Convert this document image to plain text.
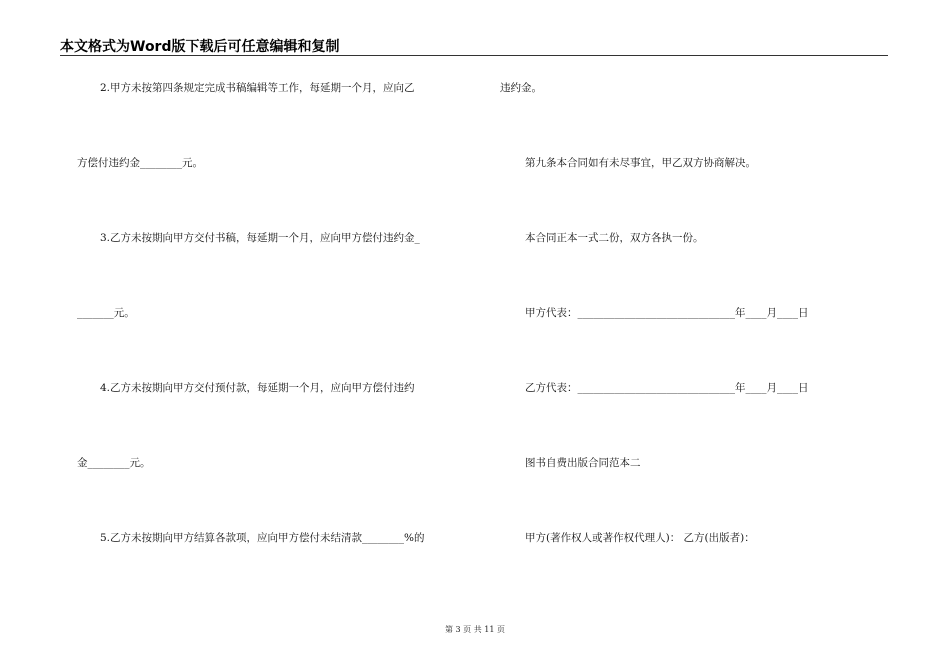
本文格式为Word版下载后可任意编辑和复制
2.甲方未按第四条规定完成书稿编辑等工作，每延期一个月，应向乙
方偿付违约金________元。
3.乙方未按期向甲方交付书稿，每延期一个月，应向甲方偿付违约金_
_______元。
4.乙方未按期向甲方交付预付款，每延期一个月，应向甲方偿付违约
金________元。
5.乙方未按期向甲方结算各款项，应向甲方偿付未结清款________%的
违约金。
第九条本合同如有未尽事宜，甲乙双方协商解决。
本合同正本一式二份，双方各执一份。
甲方代表：______________________________年____月____日
乙方代表：______________________________年____月____日
图书自费出版合同范本二
甲方(著作权人或著作权代理人)： 乙方(出版者)：
第 3 页 共 11 页
